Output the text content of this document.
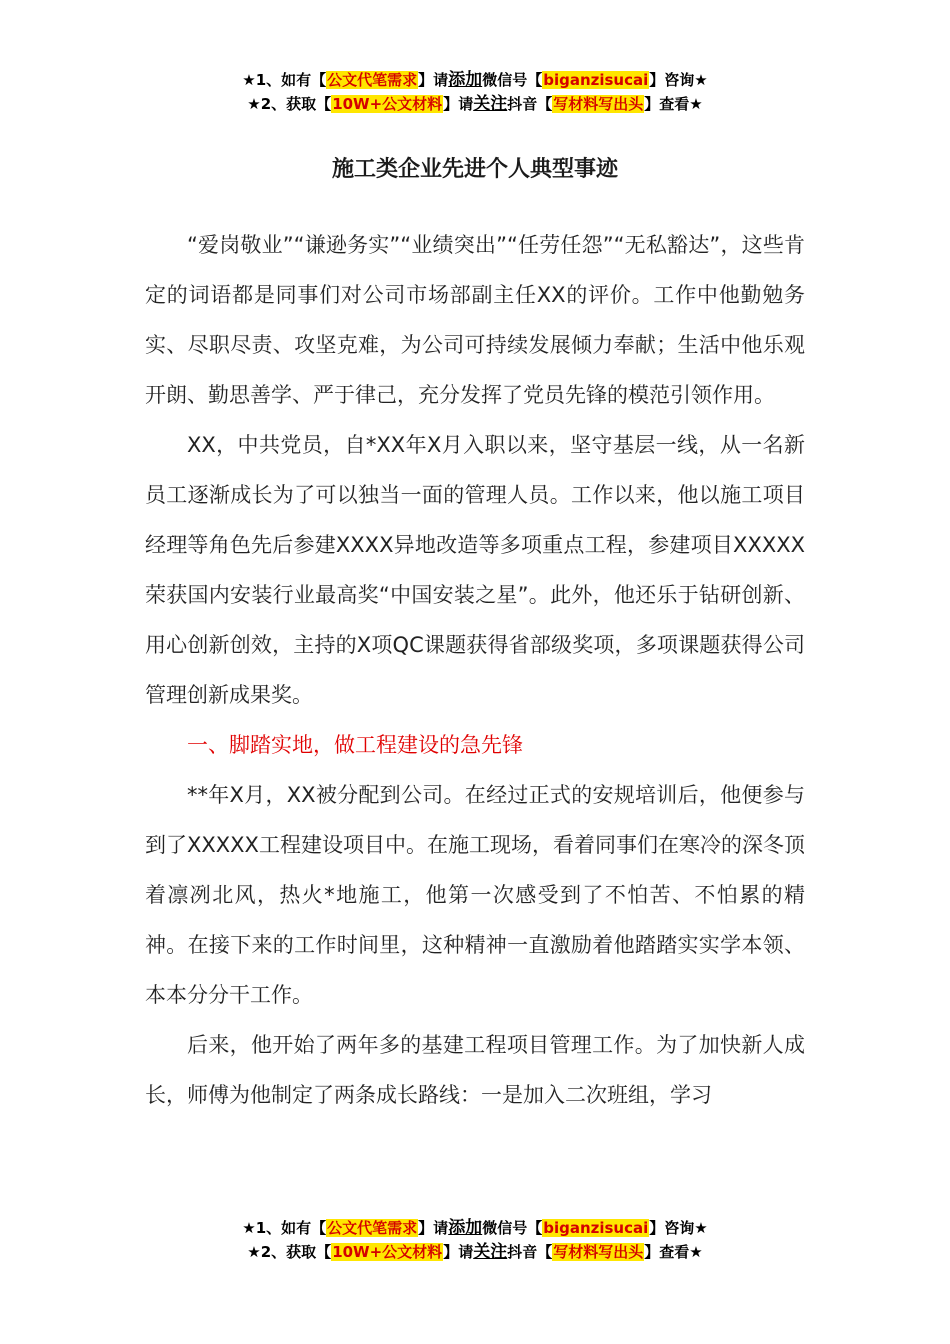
★1、如有【公文代笔需求】请添加微信号【biganzisucai】咨询★
★2、获取【10W+公文材料】请关注抖音【写材料写出头】查看★
施工类企业先进个人典型事迹

“爱岗敬业”“谦逊务实”“业绩突出”“任劳任怨”“无私豁达”，这些肯定的词语都是同事们对公司市场部副主任XX的评价。工作中他勤勉务实、尽职尽责、攻坚克难，为公司可持续发展倾力奉献；生活中他乐观开朗、勤思善学、严于律己，充分发挥了党员先锋的模范引领作用。

XX，中共党员，自*XX年X月入职以来，坚守基层一线，从一名新员工逐渐成长为了可以独当一面的管理人员。工作以来，他以施工项目经理等角色先后参建XXXX异地改造等多项重点工程，参建项目XXXXX荣获国内安装行业最高奖“中国安装之星”。此外，他还乐于钻研创新、用心创新创效，主持的X项QC课题获得省部级奖项，多项课题获得公司管理创新成果奖。

一、脚踏实地，做工程建设的急先锋

**年X月，XX被分配到公司。在经过正式的安规培训后，他便参与到了XXXXX工程建设项目中。在施工现场，看着同事们在寒冷的深冬顶着凛冽北风，热火*地施工，他第一次感受到了不怕苦、不怕累的精神。在接下来的工作时间里，这种精神一直激励着他踏踏实实学本领、本本分分干工作。

后来，他开始了两年多的基建工程项目管理工作。为了加快新人成长，师傅为他制定了两条成长路线：一是加入二次班组，学习

★1、如有【公文代笔需求】请添加微信号【biganzisucai】咨询★
★2、获取【10W+公文材料】请关注抖音【写材料写出头】查看★
